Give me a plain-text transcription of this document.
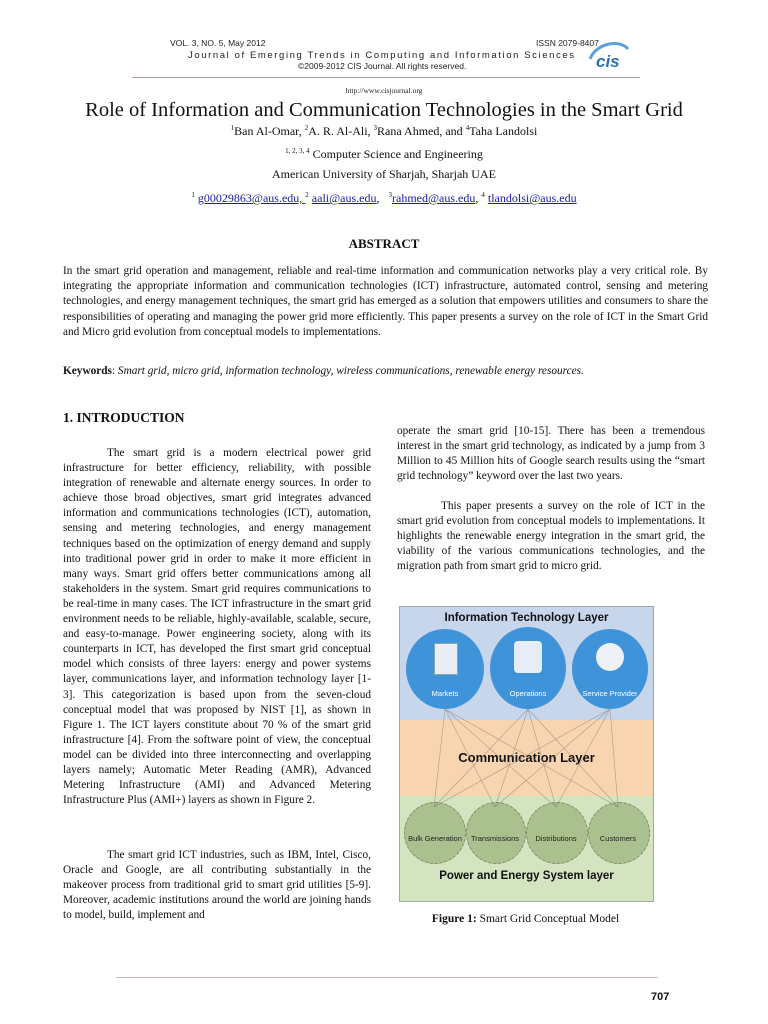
VOL. 3, NO. 5, May 2012	ISSN 2079-8407
Journal of Emerging Trends in Computing and Information Sciences
©2009-2012 CIS Journal. All rights reserved.	cis
http://www.cisjournal.org
Role of Information and Communication Technologies in the Smart Grid
$^1$Ban Al-Omar, $^2$A. R. Al-Ali, $^3$Rana Ahmed, and $^4$Taha Landolsi
$^{1, 2, 3, 4}$ Computer Science and Engineering
American University of Sharjah, Sharjah UAE
$^1$ g00029863@aus.edu, $^2$ aali@aus.edu,   $^3$rahmed@aus.edu, $^4$ tlandolsi@aus.edu
ABSTRACT
In the smart grid operation and management, reliable and real-time information and communication networks play a very critical role. By integrating the appropriate information and communication technologies (ICT) infrastructure, automated control, sensing and metering technologies, and energy management techniques, the smart grid has emerged as a solution that empowers utilities and consumers to share the responsibilities of operating and managing the power grid more efficiently. This paper presents a survey on the role of ICT in the Smart Grid and Micro grid evolution from conceptual models to implementations.
Keywords: Smart grid, micro grid, information technology, wireless communications, renewable energy resources.
1. INTRODUCTION
The smart grid is a modern electrical power grid infrastructure for better efficiency, reliability, with possible integration of renewable and alternate energy sources. In order to achieve those broad objectives, smart grid integrates advanced information and communications technologies (ICT), automation, sensing and metering technologies, and energy management techniques based on the optimization of energy demand and supply into traditional power grid in order to make it more efficient in many ways. Smart grid offers better communications among all stakeholders in the system. Smart grid requires communications to be real-time in many cases. The ICT infrastructure in the smart grid environment needs to be reliable, highly-available, scalable, secure, and easy-to-manage. Power engineering society, along with its counterparts in ICT, has developed the first smart grid conceptual model which consists of three layers: energy and power systems layer, communications layer, and information technology layer [1-3]. This categorization is based upon from the seven-cloud conceptual model that was proposed by NIST [1], as shown in Figure 1. The ICT layers constitute about 70 % of the smart grid infrastructure [4]. From the software point of view, the conceptual model can be divided into three interconnecting and overlapping layers namely; Automatic Meter Reading (AMR), Advanced Metering Infrastructure (AMI) and Advanced Metering Infrastructure Plus (AMI+) layers as shown in Figure 2.
The smart grid ICT industries, such as IBM, Intel, Cisco, Oracle and Google, are all contributing substantially in the makeover process from traditional grid to smart grid utilities [5-9]. Moreover, academic institutions around the world are joining hands to model, build, implement and
operate the smart grid [10-15]. There has been a tremendous interest in the smart grid technology, as indicated by a jump from 3 Million to 45 Million hits of Google search results using the “smart grid technology” keyword over the last two years.
This paper presents a survey on the role of ICT in the smart grid evolution from conceptual models to implementations. It highlights the renewable energy integration in the smart grid, the viability of the various communications technologies, and the migration path from smart grid to micro grid.
Information Technology Layer
Markets	Operations	Service Provider
Communication Layer
Bulk Generation	Transmissions	Distributions	Customers
Power and Energy System layer
Figure 1: Smart Grid Conceptual Model
707
